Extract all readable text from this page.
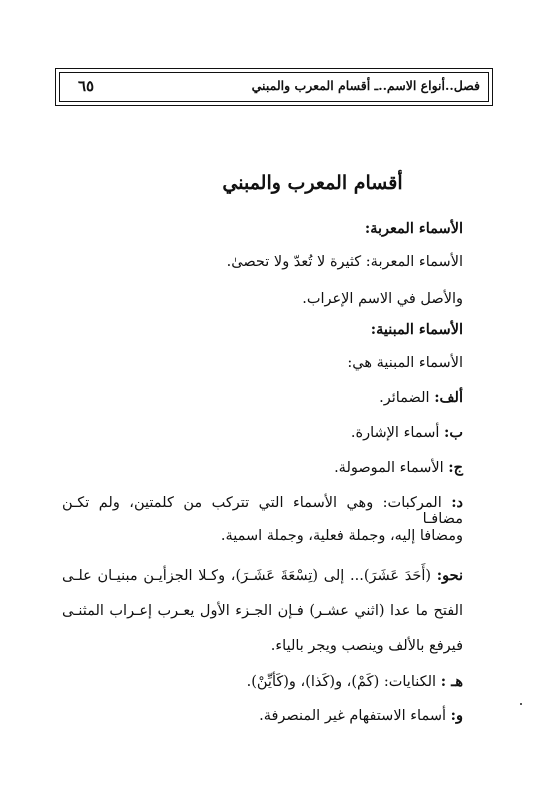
فصل..أنواع الاسم..ـ أقسام المعرب والمبني
٦٥
أقسام المعرب والمبني
الأسماء المعربة:
الأسماء المعربة: كثيرة لا تُعدّ ولا تحصىٰ.
والأصل في الاسم الإعراب.
الأسماء المبنية:
الأسماء المبنية هي:
ألف: الضمائر.
ب: أسماء الإشارة.
ج: الأسماء الموصولة.
د: المركبات: وهي الأسماء التي تتركب من كلمتين، ولم تكـن مضافـا
ومضافا إليه، وجملة فعلية، وجملة اسمية.
نحو: (أَحَدَ عَشَرَ)... إلى (تِسْعَةَ عَشَـرَ)، وكـلا الجزأيـن مبنيـان علـى
الفتح ما عدا (اثني عشـر) فـإن الجـزء الأول يعـرب إعـراب المثنـى
فيرفع بالألف وينصب ويجر بالياء.
هـ : الكنايات: (كَمْ)، و(كَذا)، و(كَأيِّنْ).
و: أسماء الاستفهام غير المنصرفة.
